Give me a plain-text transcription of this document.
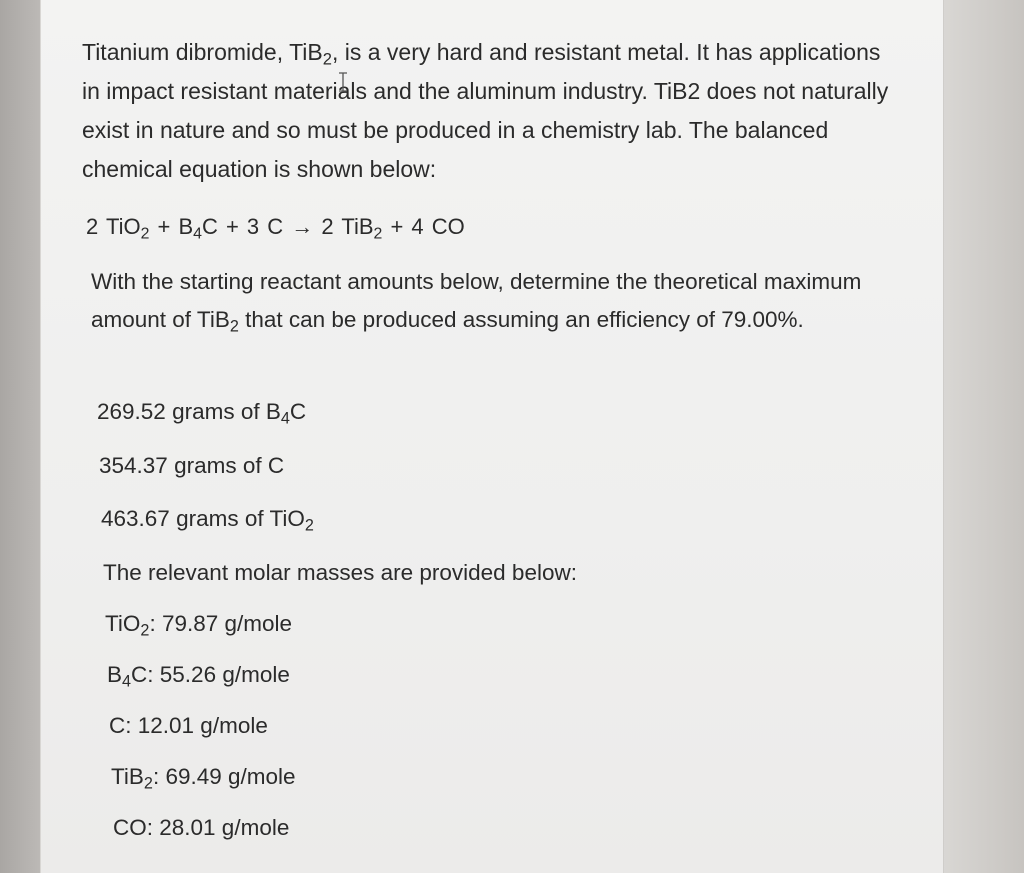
Titanium dibromide, TiB$_2$, is a very hard and resistant metal. It has applications in impact resistant materials and the aluminum industry. TiB2 does not naturally exist in nature and so must be produced in a chemistry lab. The balanced chemical equation is shown below:
2 $TiO_2 + B_4C + 3$ C → 2 TiB$_2$ + 4 CO
With the starting reactant amounts below, determine the theoretical maximum amount of TiB$_2$ that can be produced assuming an efficiency of 79.00%.
269.52 grams of $B_4C$
354.37 grams of C
463.67 grams of TiO$_2$
The relevant molar masses are provided below:
TiO$_2$: 79.87 g/mole
$B_4C$: 55.26 g/mole
C: 12.01 g/mole
TiB$_2$: 69.49 g/mole
CO: 28.01 g/mole
